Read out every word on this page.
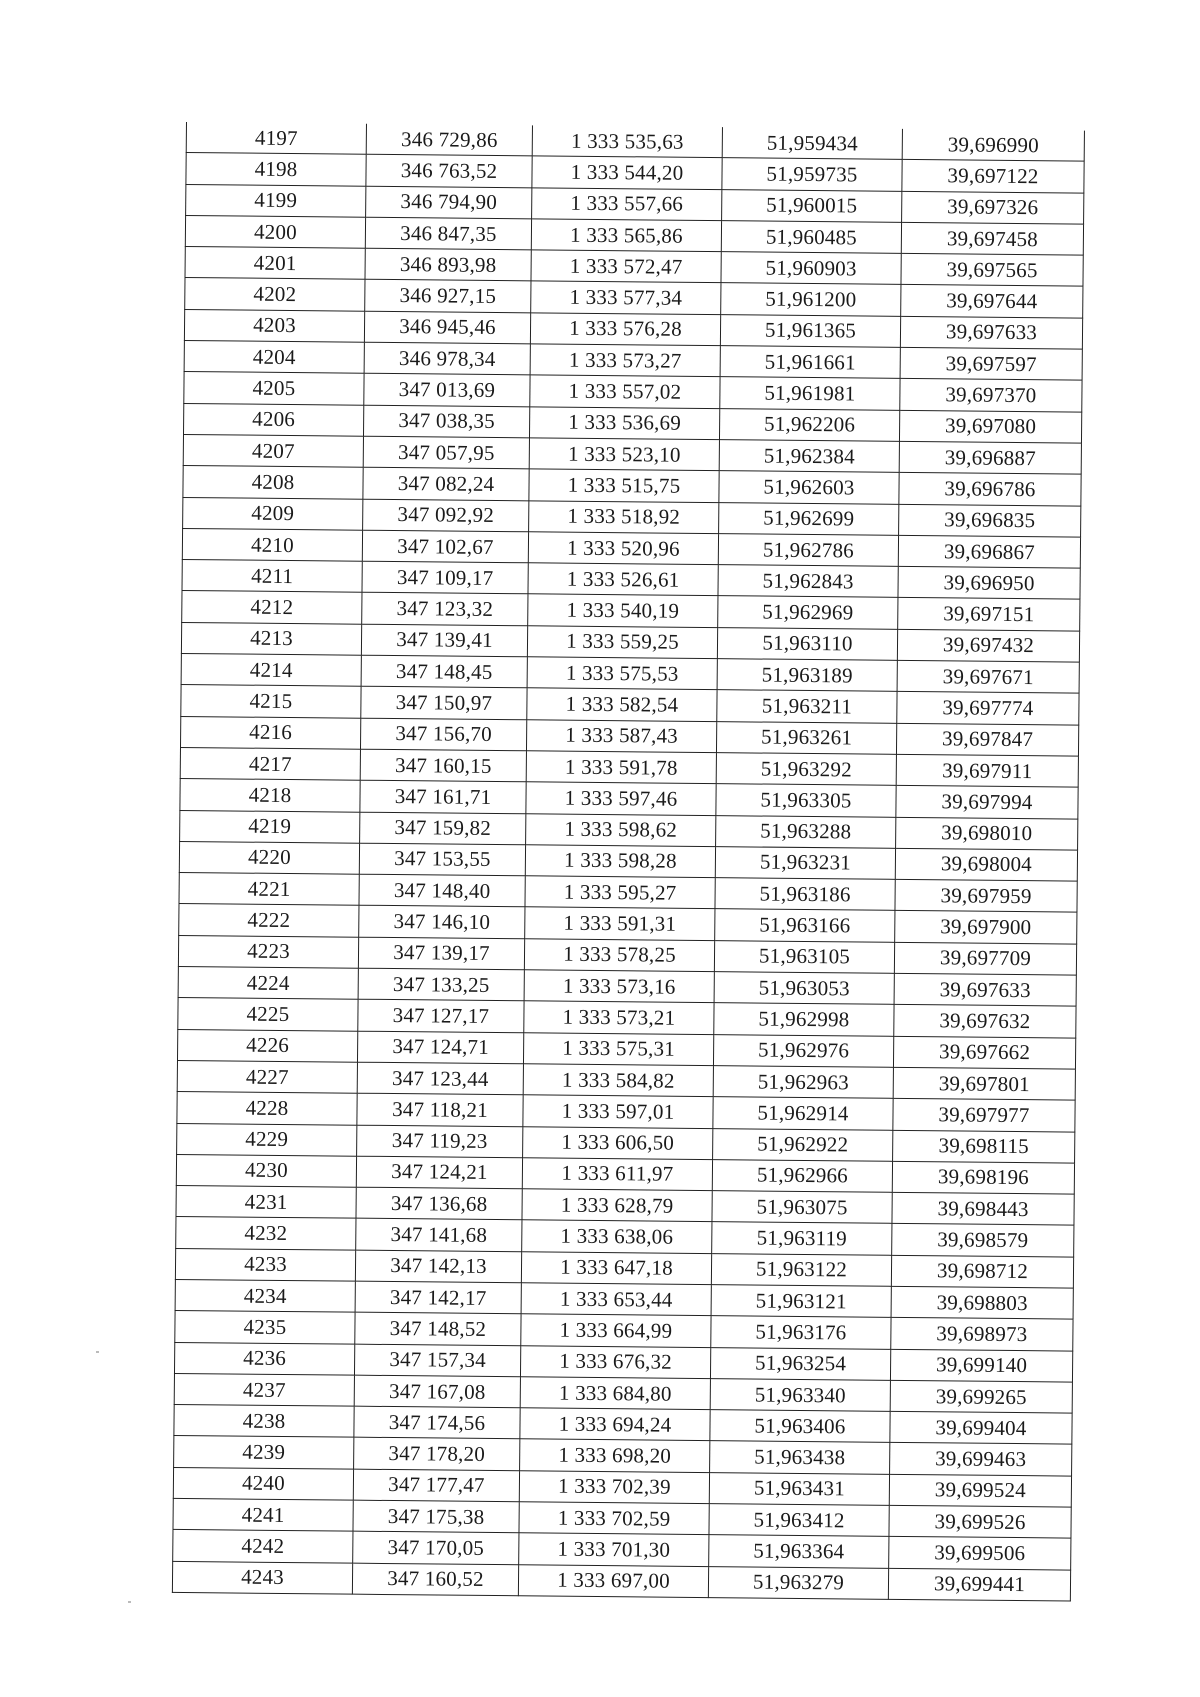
4197	346 729,86	1 333 535,63	51,959434	39,696990
4198	346 763,52	1 333 544,20	51,959735	39,697122
4199	346 794,90	1 333 557,66	51,960015	39,697326
4200	346 847,35	1 333 565,86	51,960485	39,697458
4201	346 893,98	1 333 572,47	51,960903	39,697565
4202	346 927,15	1 333 577,34	51,961200	39,697644
4203	346 945,46	1 333 576,28	51,961365	39,697633
4204	346 978,34	1 333 573,27	51,961661	39,697597
4205	347 013,69	1 333 557,02	51,961981	39,697370
4206	347 038,35	1 333 536,69	51,962206	39,697080
4207	347 057,95	1 333 523,10	51,962384	39,696887
4208	347 082,24	1 333 515,75	51,962603	39,696786
4209	347 092,92	1 333 518,92	51,962699	39,696835
4210	347 102,67	1 333 520,96	51,962786	39,696867
4211	347 109,17	1 333 526,61	51,962843	39,696950
4212	347 123,32	1 333 540,19	51,962969	39,697151
4213	347 139,41	1 333 559,25	51,963110	39,697432
4214	347 148,45	1 333 575,53	51,963189	39,697671
4215	347 150,97	1 333 582,54	51,963211	39,697774
4216	347 156,70	1 333 587,43	51,963261	39,697847
4217	347 160,15	1 333 591,78	51,963292	39,697911
4218	347 161,71	1 333 597,46	51,963305	39,697994
4219	347 159,82	1 333 598,62	51,963288	39,698010
4220	347 153,55	1 333 598,28	51,963231	39,698004
4221	347 148,40	1 333 595,27	51,963186	39,697959
4222	347 146,10	1 333 591,31	51,963166	39,697900
4223	347 139,17	1 333 578,25	51,963105	39,697709
4224	347 133,25	1 333 573,16	51,963053	39,697633
4225	347 127,17	1 333 573,21	51,962998	39,697632
4226	347 124,71	1 333 575,31	51,962976	39,697662
4227	347 123,44	1 333 584,82	51,962963	39,697801
4228	347 118,21	1 333 597,01	51,962914	39,697977
4229	347 119,23	1 333 606,50	51,962922	39,698115
4230	347 124,21	1 333 611,97	51,962966	39,698196
4231	347 136,68	1 333 628,79	51,963075	39,698443
4232	347 141,68	1 333 638,06	51,963119	39,698579
4233	347 142,13	1 333 647,18	51,963122	39,698712
4234	347 142,17	1 333 653,44	51,963121	39,698803
4235	347 148,52	1 333 664,99	51,963176	39,698973
4236	347 157,34	1 333 676,32	51,963254	39,699140
4237	347 167,08	1 333 684,80	51,963340	39,699265
4238	347 174,56	1 333 694,24	51,963406	39,699404
4239	347 178,20	1 333 698,20	51,963438	39,699463
4240	347 177,47	1 333 702,39	51,963431	39,699524
4241	347 175,38	1 333 702,59	51,963412	39,699526
4242	347 170,05	1 333 701,30	51,963364	39,699506
4243	347 160,52	1 333 697,00	51,963279	39,699441
